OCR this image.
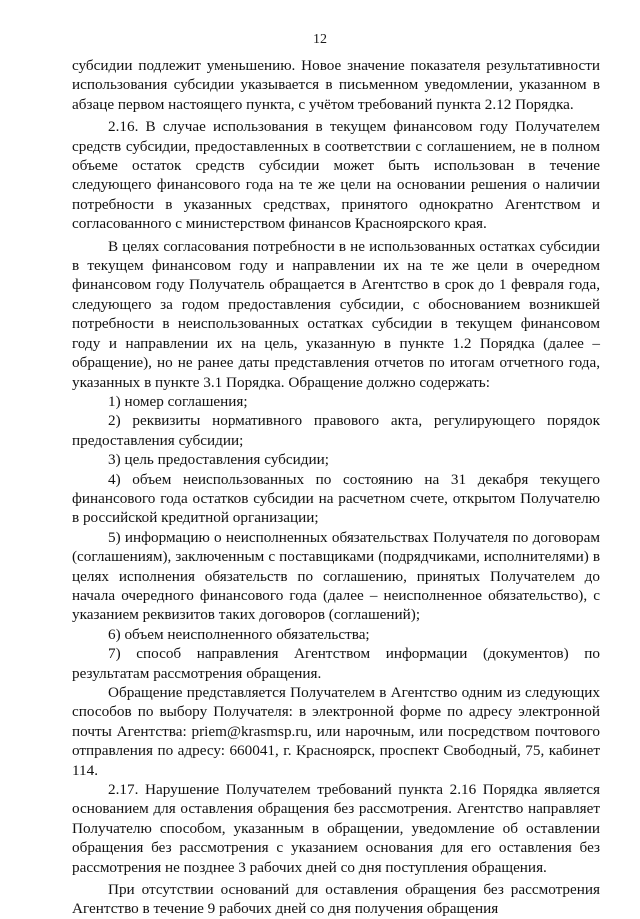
12

субсидии подлежит уменьшению. Новое значение показателя результативности использования субсидии указывается в письменном уведомлении, указанном в абзаце первом настоящего пункта, с учётом требований пункта 2.12 Порядка.

2.16. В случае использования в текущем финансовом году Получателем средств субсидии, предоставленных в соответствии с соглашением, не в полном объеме остаток средств субсидии может быть использован в течение следующего финансового года на те же цели на основании решения о наличии потребности в указанных средствах, принятого однократно Агентством и согласованного с министерством финансов Красноярского края.

В целях согласования потребности в не использованных остатках субсидии в текущем финансовом году и направлении их на те же цели в очередном финансовом году Получатель обращается в Агентство в срок до 1 февраля года, следующего за годом предоставления субсидии, с обоснованием возникшей потребности в неиспользованных остатках субсидии в текущем финансовом году и направлении их на цель, указанную в пункте 1.2 Порядка (далее – обращение), но не ранее даты представления отчетов по итогам отчетного года, указанных в пункте 3.1 Порядка. Обращение должно содержать:

1) номер соглашения;

2) реквизиты нормативного правового акта, регулирующего порядок предоставления субсидии;

3) цель предоставления субсидии;

4) объем неиспользованных по состоянию на 31 декабря текущего финансового года остатков субсидии на расчетном счете, открытом Получателю в российской кредитной организации;

5) информацию о неисполненных обязательствах Получателя по договорам (соглашениям), заключенным с поставщиками (подрядчиками, исполнителями) в целях исполнения обязательств по соглашению, принятых Получателем до начала очередного финансового года (далее – неисполненное обязательство), с указанием реквизитов таких договоров (соглашений);

6) объем неисполненного обязательства;

7) способ направления Агентством информации (документов) по результатам рассмотрения обращения.

Обращение представляется Получателем в Агентство одним из следующих способов по выбору Получателя: в электронной форме по адресу электронной почты Агентства: priem@krasmsp.ru, или нарочным, или посредством почтового отправления по адресу: 660041, г. Красноярск, проспект Свободный, 75, кабинет 114.

2.17. Нарушение Получателем требований пункта 2.16 Порядка является основанием для оставления обращения без рассмотрения. Агентство направляет Получателю способом, указанным в обращении, уведомление об оставлении обращения без рассмотрения с указанием основания для его оставления без рассмотрения не позднее 3 рабочих дней со дня поступления обращения.

При отсутствии оснований для оставления обращения без рассмотрения Агентство в течение 9 рабочих дней со дня получения обращения
